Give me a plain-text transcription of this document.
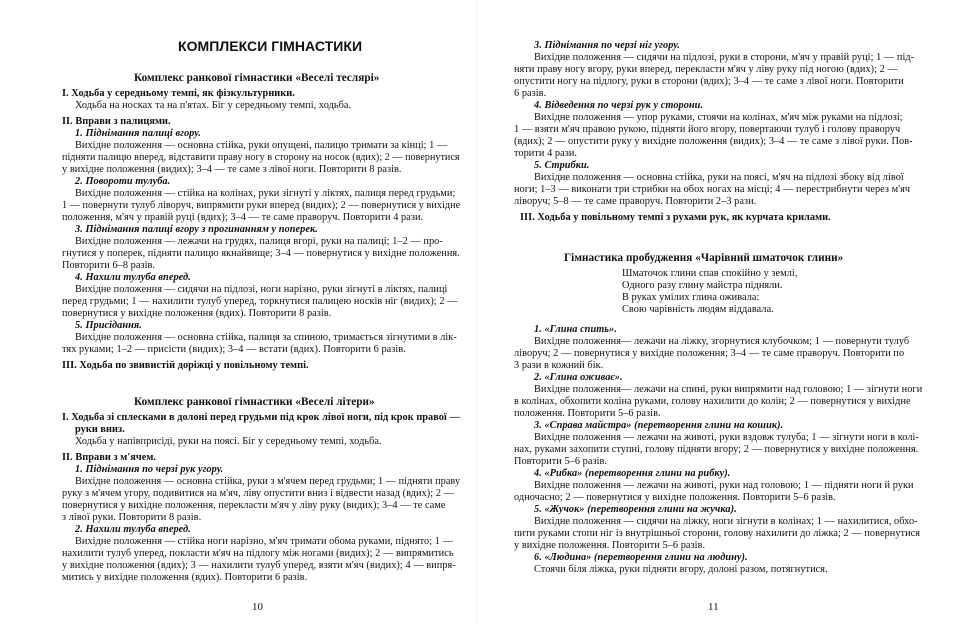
КОМПЛЕКСИ ГІМНАСТИКИ

Комплекс ранкової гімнастики «Веселі теслярі»

І. Ходьба у середньому темпі, як фізкультурники.

Ходьба на носках та на п'ятах. Біг у середньому темпі, ходьба.

ІІ. Вправи з палицями.

1. Піднімання палиці вгору.

Вихідне положення — основна стійка, руки опущені, палицю тримати за кінці; 1 —

підняти палицю вперед, відставити праву ногу в сторону на носок (вдих); 2 — повернутися

у вихідне положення (видих); 3–4 — те саме з лівої ноги. Повторити 8 разів.

2. Повороти тулуба.

Вихідне положення — стійка на колінах, руки зігнуті у ліктях, палиця перед грудьми;

1 — повернути тулуб ліворуч, випрямити руки вперед (видих); 2 — повернутися у вихідне

положення, м'яч у правій руці (вдих); 3–4 — те саме праворуч. Повторити 4 рази.

3. Піднімання палиці вгору з прогинанням у поперек.

Вихідне положення — лежачи на грудях, палиця вгорі, руки на палиці; 1–2 — про-

гнутися у поперек, підняти палицю якнайвище; 3–4 — повернутися у вихідне положення.

Повторити 6–8 разів.

4. Нахили тулуба вперед.

Вихідне положення — сидячи на підлозі, ноги нарізно, руки зігнуті в ліктях, палиці

перед грудьми; 1 — нахилити тулуб уперед, торкнутися палицею носків ніг (видих); 2 —

повернутися у вихідне положення (вдих). Повторити 8 разів.

5. Присідання.

Вихідне положення — основна стійка, палиця за спиною, тримається зігнутими в лік-

тях руками; 1–2 — присісти (видих); 3–4 — встати (вдих). Повторити 6 разів.

ІІІ. Ходьба по звивистій доріжці у повільному темпі.

Комплекс ранкової гімнастики «Веселі літери»

І. Ходьба зі сплесками в долоні перед грудьми під крок лівої ноги, під крок правої —

руки вниз.

Ходьба у напівприсіді, руки на поясі. Біг у середньому темпі, ходьба.

ІІ. Вправи з м'ячем.

1. Піднімання по черзі рук угору.

Вихідне положення — основна стійка, руки з м'ячем перед грудьми; 1 — підняти праву

руку з м'ячем угору, подивитися на м'яч, ліву опустити вниз і відвести назад (вдих); 2 —

повернутися у вихідне положення, перекласти м'яч у ліву руку (видих); 3–4 — те саме

з лівої руки. Повторити 8 разів.

2. Нахили тулуба вперед.

Вихідне положення — стійка ноги нарізно, м'яч тримати обома руками, піднято; 1 —

нахилити тулуб уперед, покласти м'яч на підлогу між ногами (видих); 2 — випрямитись

у вихідне положення (вдих); 3 — нахилити тулуб уперед, взяти м'яч (видих); 4 — випря-

митись у вихідне положення (вдих). Повторити 6 разів.

10

3. Піднімання по черзі ніг угору.

Вихідне положення — сидячи на підлозі, руки в сторони, м'яч у правій руці; 1 — під-

няти праву ногу вгору, руки вперед, перекласти м'яч у ліву руку під ногою (вдих); 2 —

опустити ногу на підлогу, руки в сторони (вдих); 3–4 — те саме з лівої ноги. Повторити

6 разів.

4. Відведення по черзі рук у сторони.

Вихідне положення — упор руками, стоячи на колінах, м'яч між руками на підлозі;

1 — взяти м'яч правою рукою, підняти його вгору, повертаючи тулуб і голову праворуч

(вдих); 2 — опустити руку у вихідне положення (видих); 3–4 — те саме з лівої руки. Пов-

торити 4 рази.

5. Стрибки.

Вихідне положення — основна стійка, руки на поясі, м'яч на підлозі збоку від лівої

ноги; 1–3 — виконати три стрибки на обох ногах на місці; 4 — перестрибнути через м'яч

ліворуч; 5–8 — те саме праворуч. Повторити 2–3 рази.

ІІІ. Ходьба у повільному темпі з рухами рук, як курчата крилами.

Гімнастика пробудження «Чарівний шматочок глини»

Шматочок глини спав спокійно у землі,

Одного разу глину майстра підняли.

В руках умілих глина оживала:

Свою чарівність людям віддавала.

1. «Глина спить».

Вихідне положення— лежачи на ліжку, згорнутися клубочком; 1 — повернути тулуб

ліворуч; 2 — повернутися у вихідне положення; 3–4 — те саме праворуч. Повторити по

3 рази в кожний бік.

2. «Глина оживає».

Вихідне положення— лежачи на спині, руки випрямити над головою; 1 — зігнути ноги

в колінах, обхопити коліна руками, голову нахилити до колін; 2 — повернутися у вихідне

положення. Повторити 5–6 разів.

3. «Справа майстра» (перетворення глини на кошик).

Вихідне положення — лежачи на животі, руки вздовж тулуба; 1 — зігнути ноги в колі-

нах, руками захопити ступні, голову підняти вгору; 2 — повернутися у вихідне положення.

Повторити 5–6 разів.

4. «Рибка» (перетворення глини на рибку).

Вихідне положення — лежачи на животі, руки над головою; 1 — підняти ноги й руки

одночасно; 2 — повернутися у вихідне положення. Повторити 5–6 разів.

5. «Жучок» (перетворення глини на жучка).

Вихідне положення — сидячи на ліжку, ноги зігнути в колінах; 1 — нахилитися, обхо-

пити руками стопи ніг із внутрішньої сторони, голову нахилити до ліжка; 2 — повернутися

у вихідне положення. Повторити 5–6 разів.

6. «Людина» (перетворення глини на людину).

Стоячи біля ліжка, руки підняти вгору, долоні разом, потягнутися.

11
